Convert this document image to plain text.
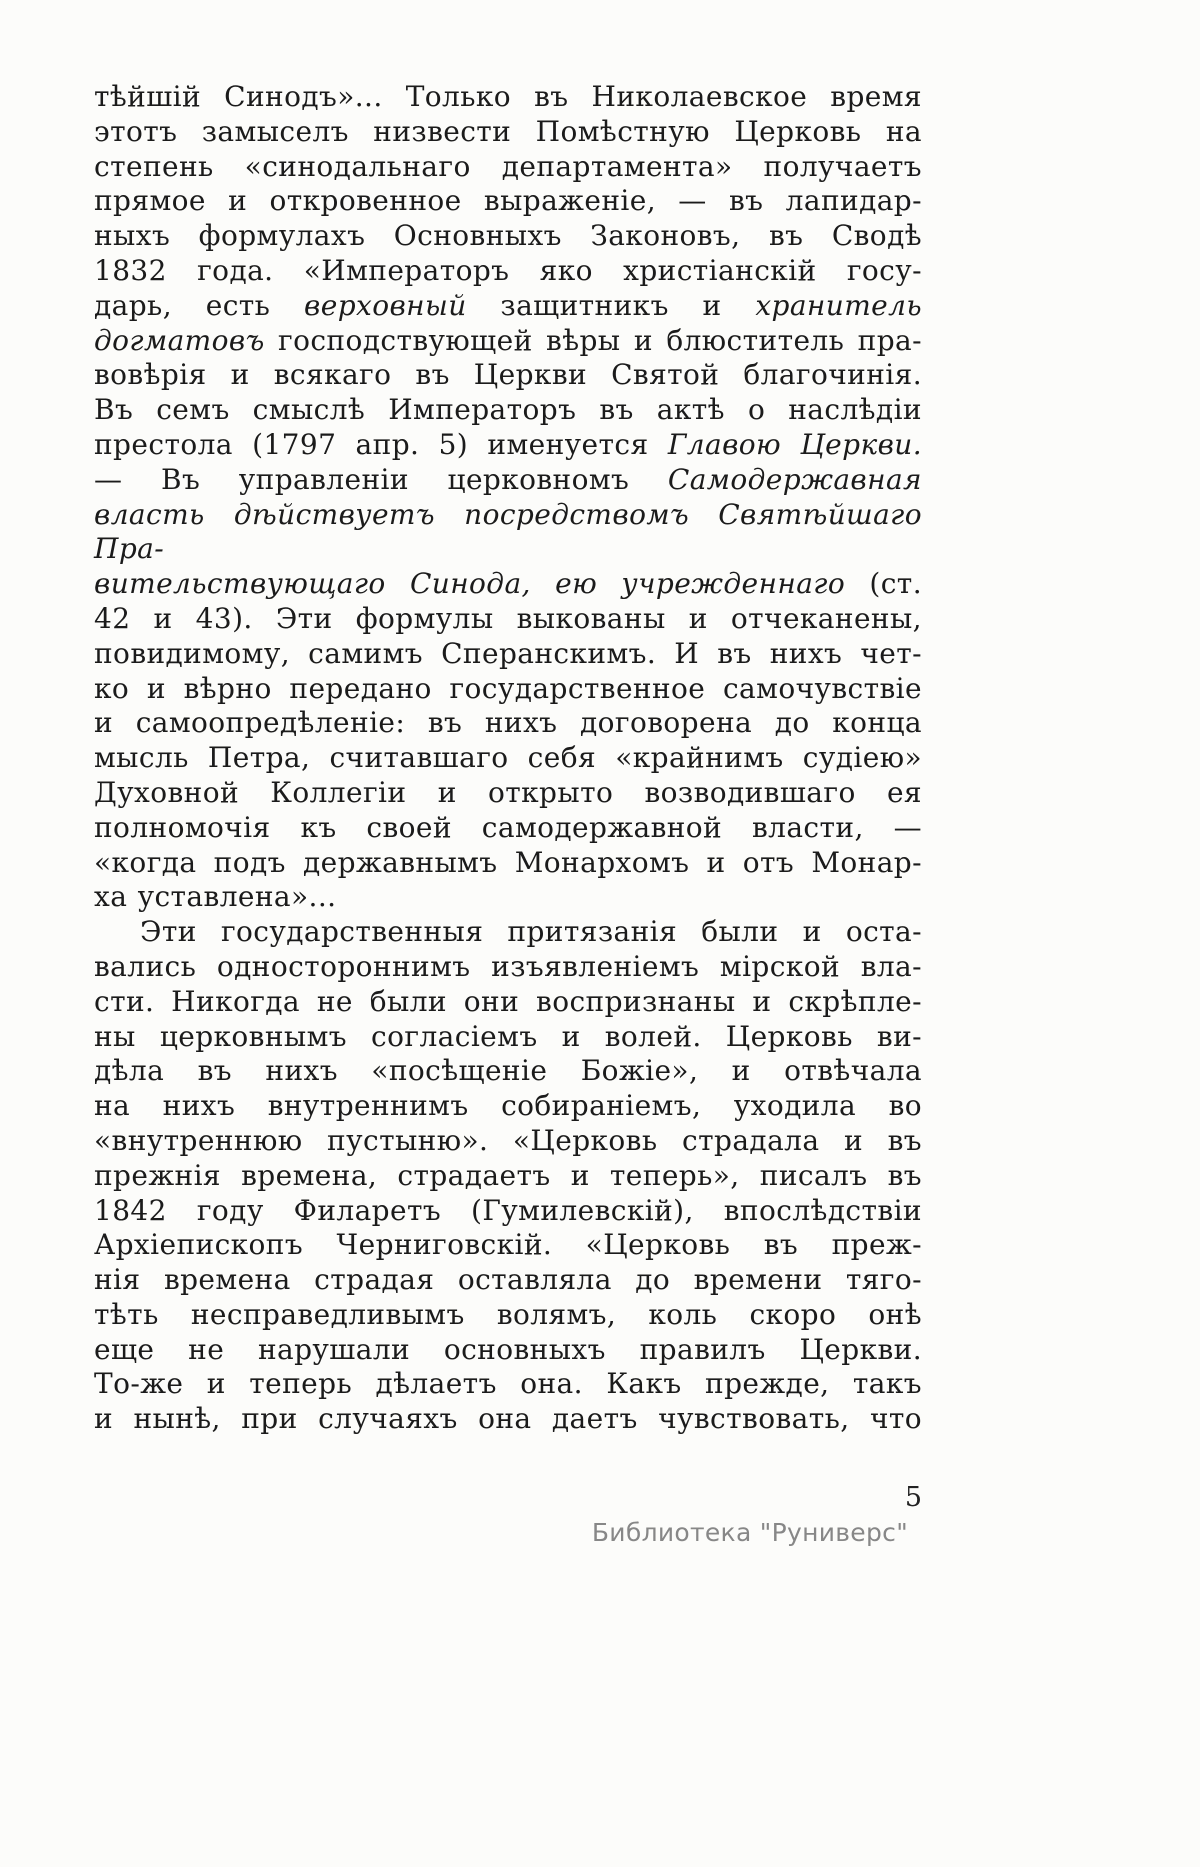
тѣйшій Синодъ»... Только въ Николаевское время
этотъ замыселъ низвести Помѣстную Церковь на
степень «синодальнаго департамента» получаетъ
прямое и откровенное выраженіе, — въ лапидар-
ныхъ формулахъ Основныхъ Законовъ, въ Сводѣ
1832 года. «Императоръ яко христіанскій госу-
дарь, есть верховный защитникъ и хранитель
догматовъ господствующей вѣры и блюститель пра-
вовѣрія и всякаго въ Церкви Святой благочинія.
Въ семъ смыслѣ Императоръ въ актѣ о наслѣдіи
престола (1797 апр. 5) именуется Главою Церкви.
— Въ управленіи церковномъ Самодержавная
власть дѣйствуетъ посредствомъ Святѣйшаго Пра-
вительствующаго Синода, ею учрежденнаго (ст.
42 и 43). Эти формулы выкованы и отчеканены,
повидимому, самимъ Сперанскимъ. И въ нихъ чет-
ко и вѣрно передано государственное самочувствіе
и самоопредѣленіе: въ нихъ договорена до конца
мысль Петра, считавшаго себя «крайнимъ судіею»
Духовной Коллегіи и открыто возводившаго ея
полномочія къ своей самодержавной власти, —
«когда подъ державнымъ Монархомъ и отъ Монар-
ха уставлена»...
Эти государственныя притязанія были и оста-
вались одностороннимъ изъявленіемъ мірской вла-
сти. Никогда не были они воспризнаны и скрѣпле-
ны церковнымъ согласіемъ и волей. Церковь ви-
дѣла въ нихъ «посѣщеніе Божіе», и отвѣчала
на нихъ внутреннимъ собираніемъ, уходила во
«внутреннюю пустыню». «Церковь страдала и въ
прежнія времена, страдаетъ и теперь», писалъ въ
1842 году Филаретъ (Гумилевскій), впослѣдствіи
Архіепископъ Черниговскій. «Церковь въ преж-
нія времена страдая оставляла до времени тяго-
тѣть несправедливымъ волямъ, коль скоро онѣ
еще не нарушали основныхъ правилъ Церкви.
То-же и теперь дѣлаетъ она. Какъ прежде, такъ
и нынѣ, при случаяхъ она даетъ чувствовать, что
5
Библиотека "Руниверс"
